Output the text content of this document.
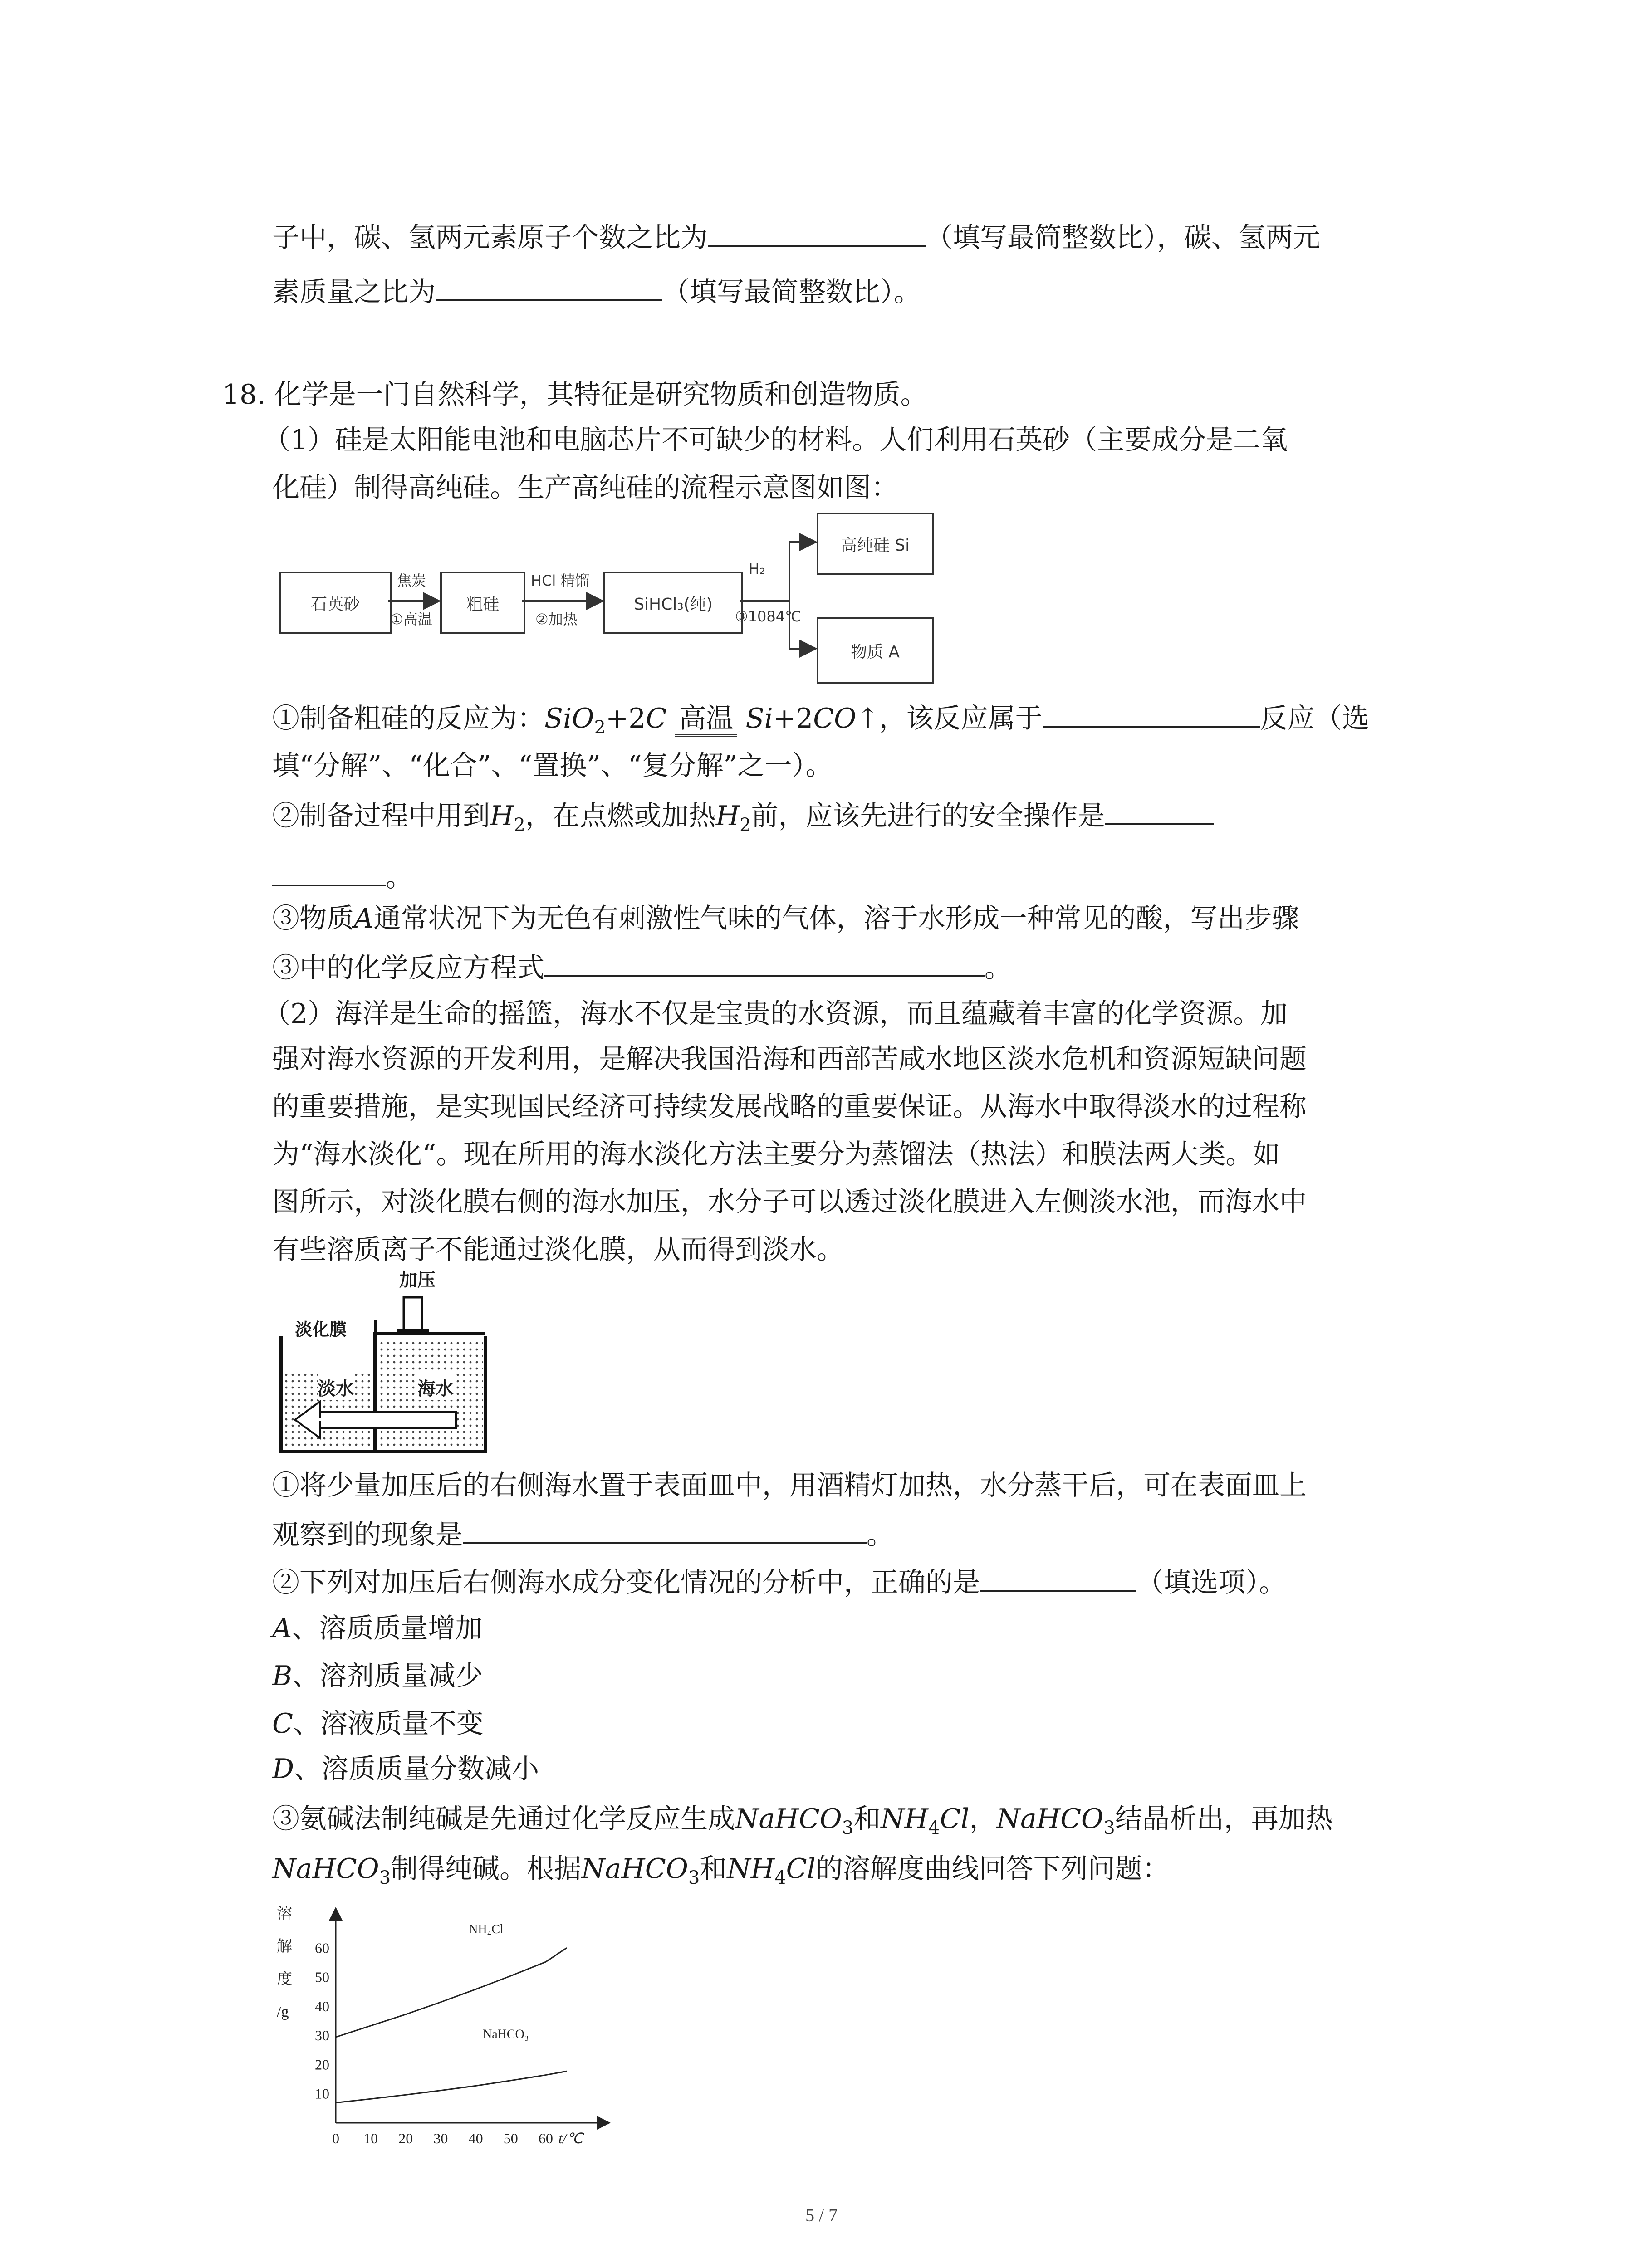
子中，碳、氢两元素原子个数之比为	（填写最简整数比），碳、氢两元
素质量之比为	（填写最简整数比）。
18. 化学是一门自然科学，其特征是研究物质和创造物质。
（1）硅是太阳能电池和电脑芯片不可缺少的材料。人们利用石英砂（主要成分是二氧
化硅）制得高纯硅。生产高纯硅的流程示意图如图：
石英砂	粗硅	SiHCl₃(纯)
高纯硅 Si
物质 A
焦炭
①高温
HCl 精馏
②加热
H₂
③1084℃
①制备粗硅的反应为：SiO$_2$+2C 高温 Si+2CO↑，该反应属于	反应（选
填“分解”、“化合”、“置换”、“复分解”之一）。
②制备过程中用到$H_2$，在点燃或加热$H_2$前，应该先进行的安全操作是
。
③物质A通常状况下为无色有刺激性气味的气体，溶于水形成一种常见的酸，写出步骤
③中的化学反应方程式	。
（2）海洋是生命的摇篮，海水不仅是宝贵的水资源，而且蕴藏着丰富的化学资源。加
强对海水资源的开发利用，是解决我国沿海和西部苦咸水地区淡水危机和资源短缺问题
的重要措施，是实现国民经济可持续发展战略的重要保证。从海水中取得淡水的过程称
为“海水淡化“。现在所用的海水淡化方法主要分为蒸馏法（热法）和膜法两大类。如
图所示，对淡化膜右侧的海水加压，水分子可以透过淡化膜进入左侧淡水池，而海水中
有些溶质离子不能通过淡化膜，从而得到淡水。
加压
淡化膜
淡水	海水
①将少量加压后的右侧海水置于表面皿中，用酒精灯加热，水分蒸干后，可在表面皿上
观察到的现象是	。
②下列对加压后右侧海水成分变化情况的分析中，正确的是	（填选项）。
A、溶质质量增加
B、溶剂质量减少
C、溶液质量不变
D、溶质质量分数减小
③氨碱法制纯碱是先通过化学反应生成NaHCO$_3$和$NH_4Cl$，NaHCO$_3$结晶析出，再加热
NaHCO$_3$制得纯碱。根据NaHCO$_3$和$NH_4Cl$的溶解度曲线回答下列问题：
溶
解
度
/g
10
20
30
40
50
60
0 10 20 30 40 50 60 t/℃
NH₄Cl
NaHCO₃
5 / 7
